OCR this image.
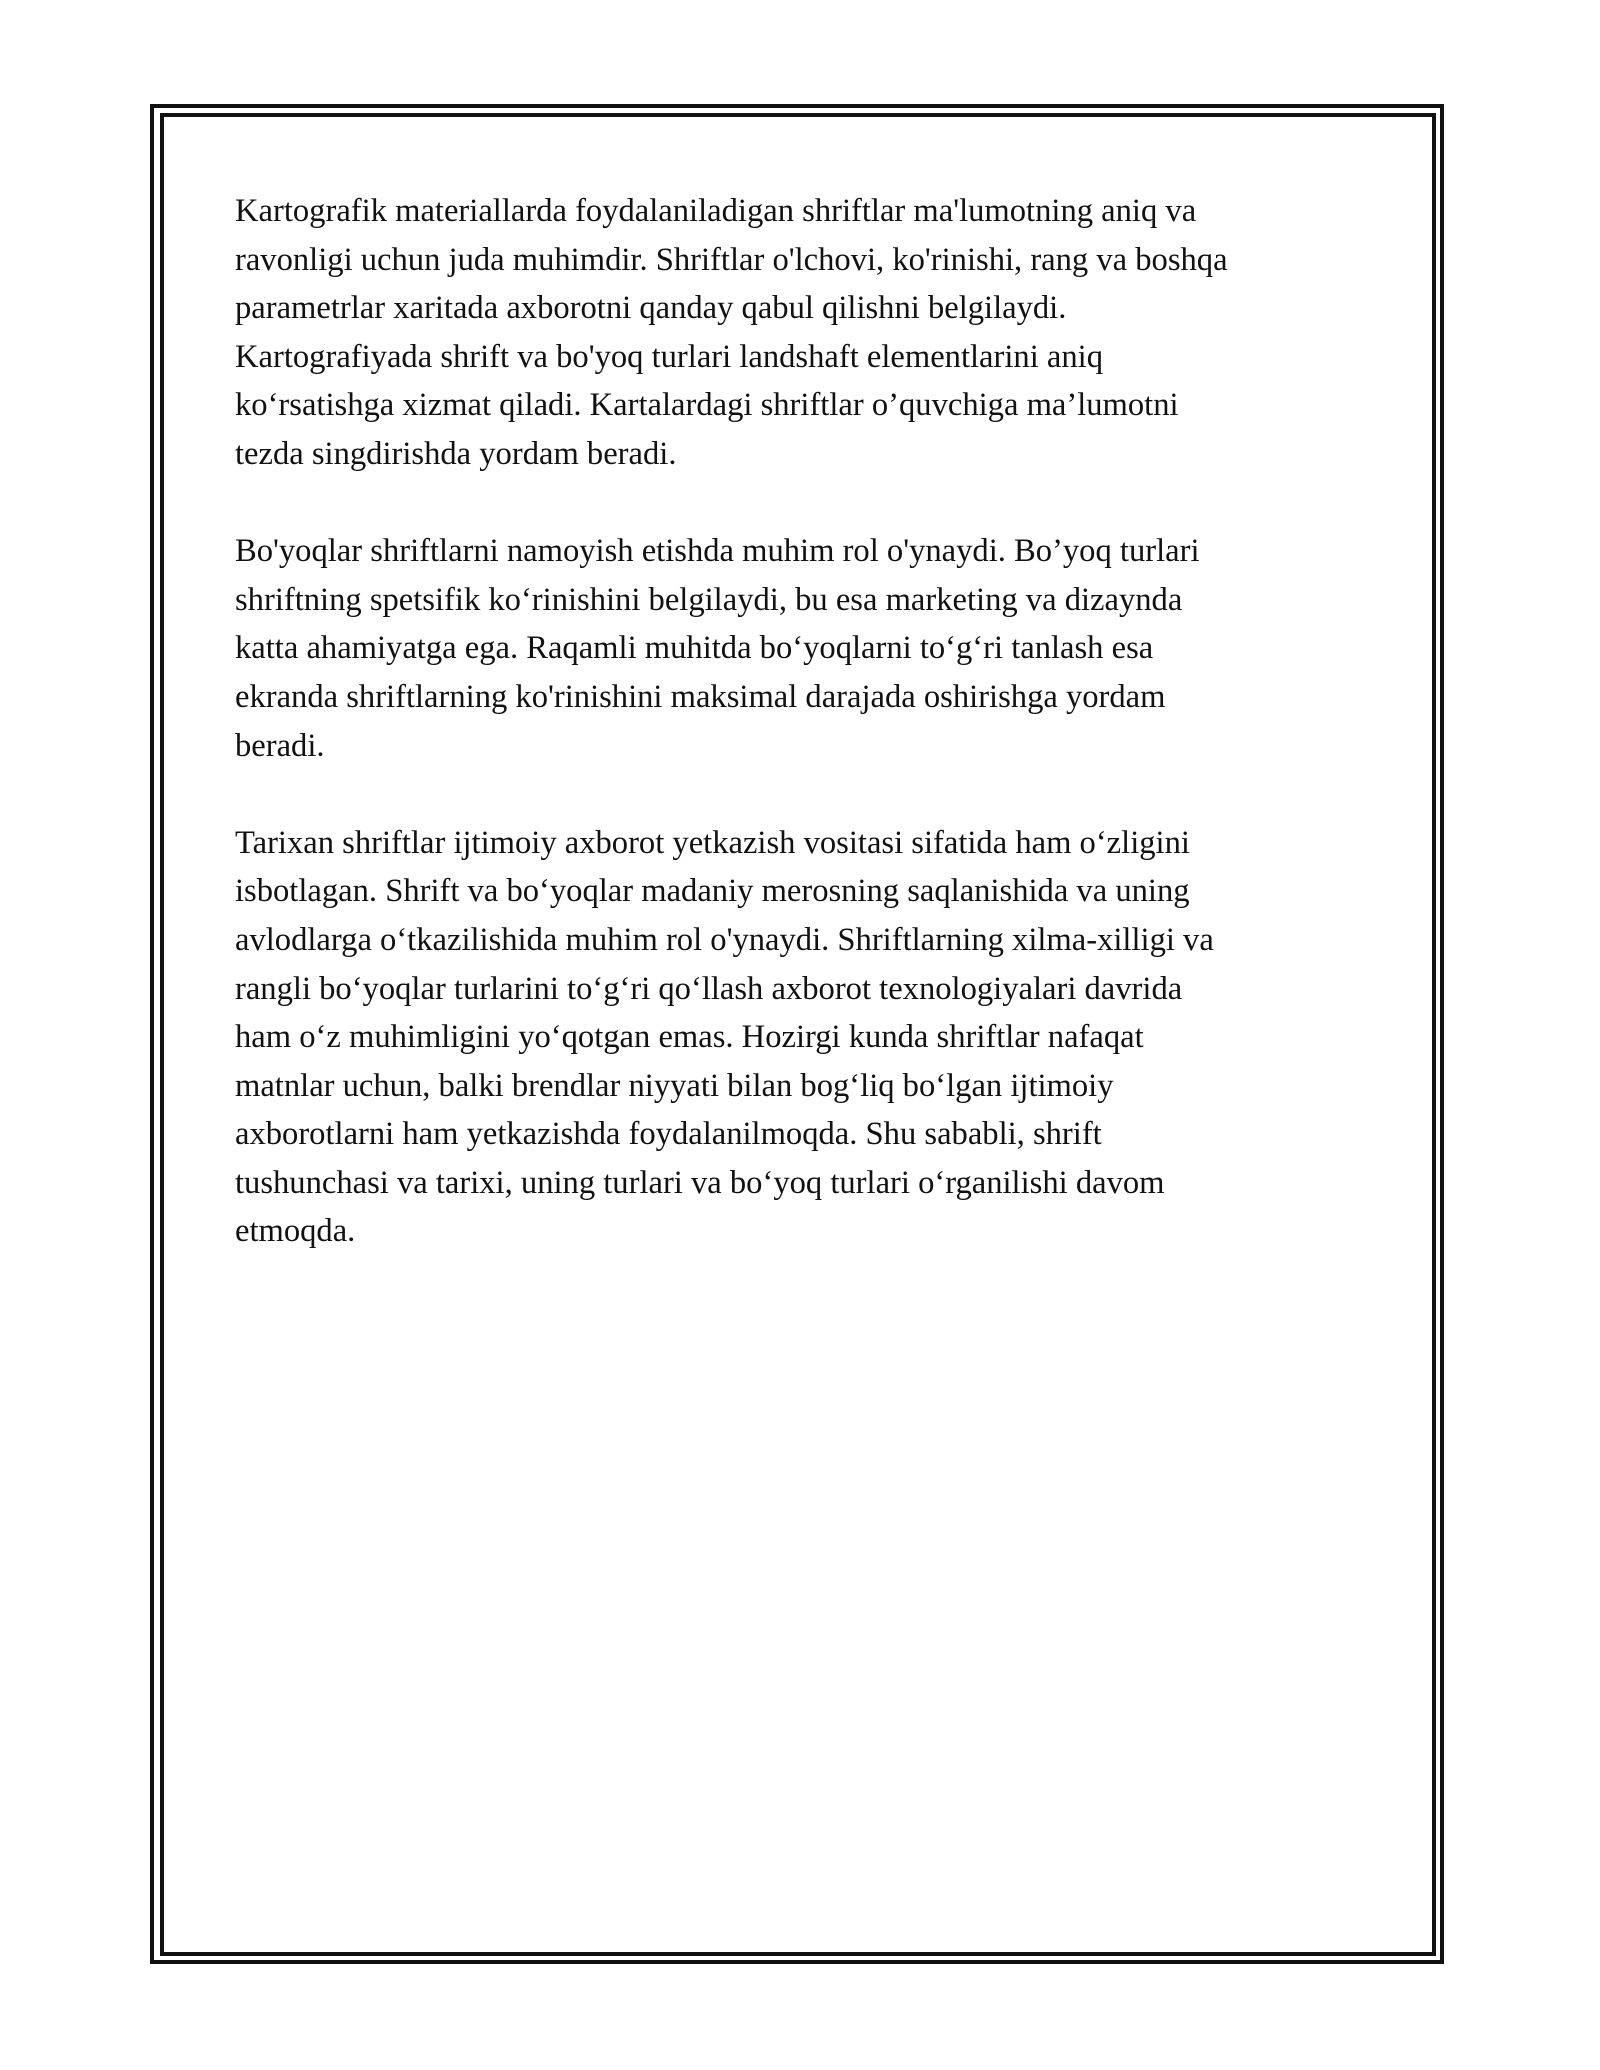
Kartografik materiallarda foydalaniladigan shriftlar ma'lumotning aniq va
ravonligi uchun juda muhimdir. Shriftlar o'lchovi, ko'rinishi, rang va boshqa
parametrlar xaritada axborotni qanday qabul qilishni belgilaydi.
Kartografiyada shrift va bo'yoq turlari landshaft elementlarini aniq
koʻrsatishga xizmat qiladi. Kartalardagi shriftlar o’quvchiga ma’lumotni
tezda singdirishda yordam beradi.

Bo'yoqlar shriftlarni namoyish etishda muhim rol o'ynaydi. Bo’yoq turlari
shriftning spetsifik koʻrinishini belgilaydi, bu esa marketing va dizaynda
katta ahamiyatga ega. Raqamli muhitda boʻyoqlarni toʻgʻri tanlash esa
ekranda shriftlarning ko'rinishini maksimal darajada oshirishga yordam
beradi.

Tarixan shriftlar ijtimoiy axborot yetkazish vositasi sifatida ham oʻzligini
isbotlagan. Shrift va boʻyoqlar madaniy merosning saqlanishida va uning
avlodlarga oʻtkazilishida muhim rol o'ynaydi. Shriftlarning xilma-xilligi va
rangli boʻyoqlar turlarini toʻgʻri qoʻllash axborot texnologiyalari davrida
ham oʻz muhimligini yoʻqotgan emas. Hozirgi kunda shriftlar nafaqat
matnlar uchun, balki brendlar niyyati bilan bogʻliq boʻlgan ijtimoiy
axborotlarni ham yetkazishda foydalanilmoqda. Shu sababli, shrift
tushunchasi va tarixi, uning turlari va boʻyoq turlari oʻrganilishi davom
etmoqda.
